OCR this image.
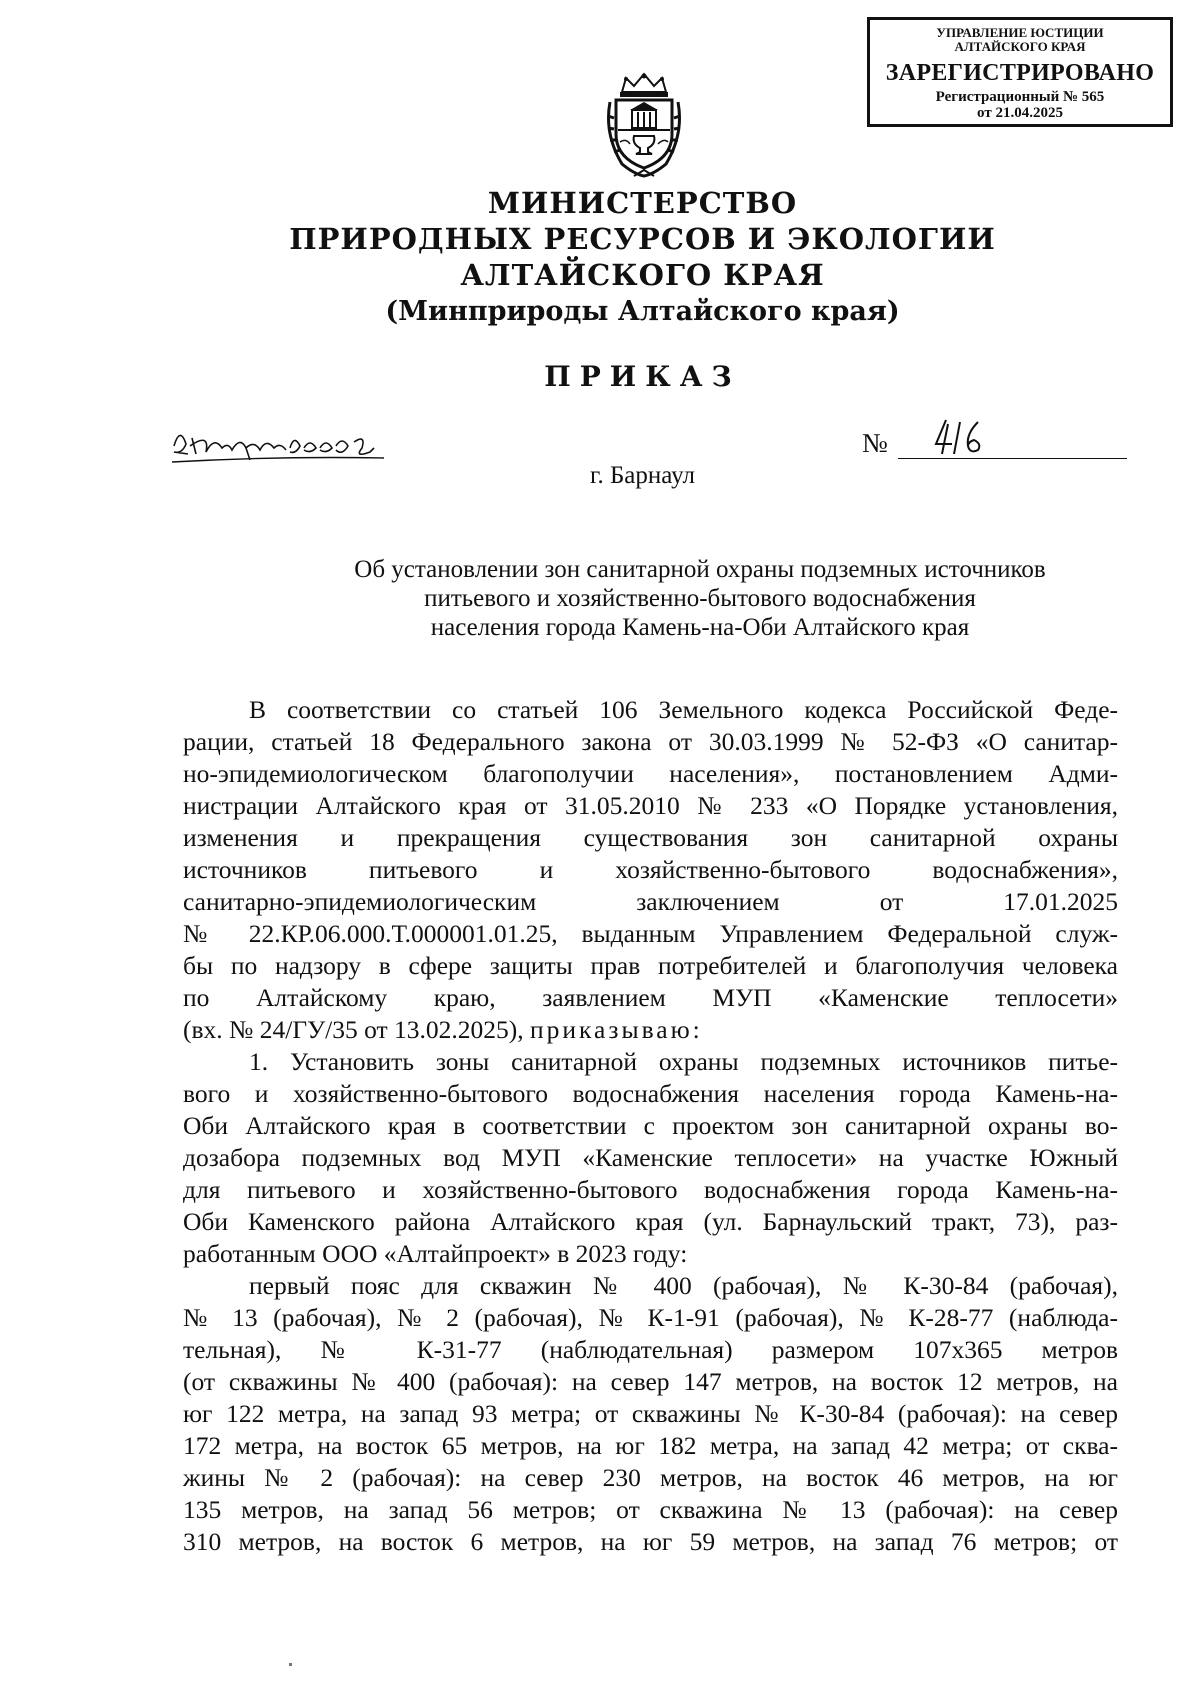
УПРАВЛЕНИЕ ЮСТИЦИИ
АЛТАЙСКОГО КРАЯ
ЗАРЕГИСТРИРОВАНО
Регистрационный № 565
от 21.04.2025
МИНИСТЕРСТВО
ПРИРОДНЫХ РЕСУРСОВ И ЭКОЛОГИИ
АЛТАЙСКОГО КРАЯ
(Минприроды Алтайского края)
ПРИКАЗ
№
г. Барнаул
Об установлении зон санитарной охраны подземных источников
питьевого и хозяйственно-бытового водоснабжения
населения города Камень-на-Оби Алтайского края
В соответствии со статьей 106 Земельного кодекса Российской Феде-
рации, статьей 18 Федерального закона от 30.03.1999 № 52-ФЗ «О санитар-
но-эпидемиологическом благополучии населения», постановлением Адми-
нистрации Алтайского края от 31.05.2010 № 233 «О Порядке установления,
изменения и прекращения существования зон санитарной охраны
источников питьевого и хозяйственно-бытового водоснабжения»,
санитарно-эпидемиологическим заключением от 17.01.2025
№ 22.КР.06.000.Т.000001.01.25, выданным Управлением Федеральной служ-
бы по надзору в сфере защиты прав потребителей и благополучия человека
по Алтайскому краю, заявлением МУП «Каменские теплосети»
(вх. № 24/ГУ/35 от 13.02.2025), приказываю:
1. Установить зоны санитарной охраны подземных источников питье-
вого и хозяйственно-бытового водоснабжения населения города Камень-на-
Оби Алтайского края в соответствии с проектом зон санитарной охраны во-
дозабора подземных вод МУП «Каменские теплосети» на участке Южный
для питьевого и хозяйственно-бытового водоснабжения города Камень-на-
Оби Каменского района Алтайского края (ул. Барнаульский тракт, 73), раз-
работанным ООО «Алтайпроект» в 2023 году:
первый пояс для скважин № 400 (рабочая), № К-30-84 (рабочая),
№ 13 (рабочая), № 2 (рабочая), № К-1-91 (рабочая), № К-28-77 (наблюда-
тельная), № К-31-77 (наблюдательная) размером 107x365 метров
(от скважины № 400 (рабочая): на север 147 метров, на восток 12 метров, на
юг 122 метра, на запад 93 метра; от скважины № К-30-84 (рабочая): на север
172 метра, на восток 65 метров, на юг 182 метра, на запад 42 метра; от сква-
жины № 2 (рабочая): на север 230 метров, на восток 46 метров, на юг
135 метров, на запад 56 метров; от скважина № 13 (рабочая): на север
310 метров, на восток 6 метров, на юг 59 метров, на запад 76 метров; от
